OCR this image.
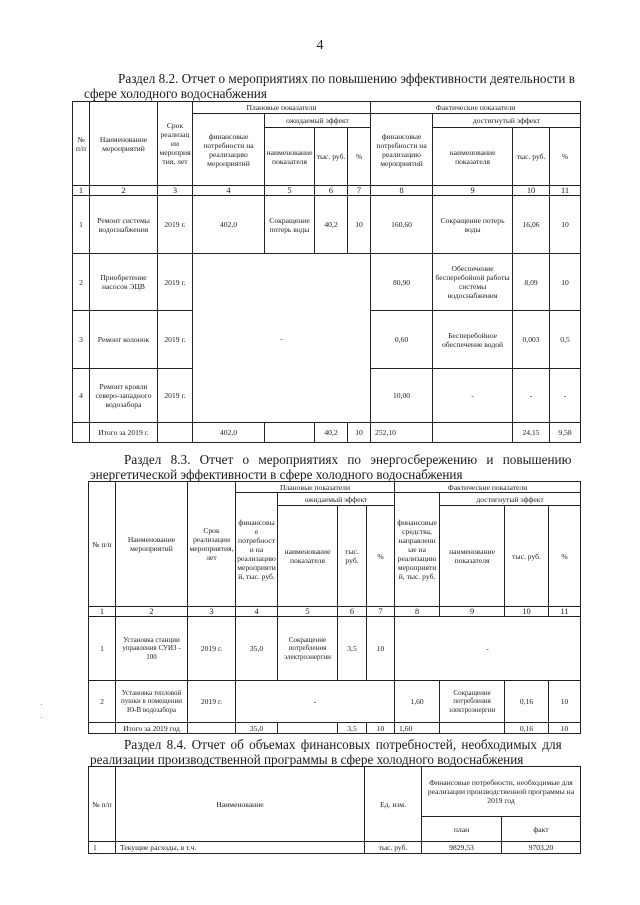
4
Раздел 8.2. Отчет о мероприятиях по повышению эффективности деятельности в
сфере холодного водоснабжения
№ п/п	Наименование мероприятий	Срок реализации мероприятия, лет	Плановые показатели				Фактические показатели			
			финансовые потребности на реализацию мероприятий	ожидаемый эффект			финансовые потребности на реализацию мероприятий	достигнутый эффект		
				наименование показателя	тыс. руб.	%		наименование показателя	тыс. руб.	%
1	2	3	4	5	6	7	8	9	10	11
1	Ремонт системы водоснабжения	2019 г.	402,0	Сокращение потерь воды	40,2	10	160,60	Сокращение потерь воды	16,06	10
2	Приобретение насосов ЭЦВ	2019 г.	-				80,90	Обеспечение бесперебойной работы системы водоснабжения	8,09	10
3	Ремонт колонок	2019 г.					0,60	Бесперебойное обеспечение водой	0,003	0,5
4	Ремонт кровли северо-западного водозабора	2019 г.					10,00	-	-	-
	Итого за 2019 г.		402,0		40,2	10	252,10		24,15	9,58
Раздел 8.3. Отчет о мероприятиях по энергосбережению и повышению
энергетической эффективности в сфере холодного водоснабжения
№ п/п	Наименование мероприятий	Срок реализации мероприятия, лет	Плановые показатели				Фактические показатели			
			финансовые потребности на реализацию мероприятий, тыс. руб.	ожидаемый эффект			финансовые средства, направленные на реализацию мероприятий, тыс. руб.	достигнутый эффект		
				наименование показателя	тыс. руб.	%		наименование показателя	тыс. руб.	%
1	2	3	4	5	6	7	8	9	10	11
1	Установка станции управления СУИЗ - 100	2019 г.	35,0	Сокращение потребления электроэнергии	3,5	10	-			
2	Установка тепловой пушки в помещении Ю-В водозабора	2019 г.	-				1,60	Сокращение потребления электроэнергии	0,16	10
	Итого за 2019 год		35,0		3,5	10	1,60		0,16	10
Раздел 8.4. Отчет об объемах финансовых потребностей, необходимых для
реализации производственной программы в сфере холодного водоснабжения
№ п/п	Наименование	Ед. изм.	Финансовые потребности, необходимые для реализации производственной программы на 2019 год	
			план	факт
1	Текущие расходы, в т.ч.	тыс. руб.	9829,53	9703,20
